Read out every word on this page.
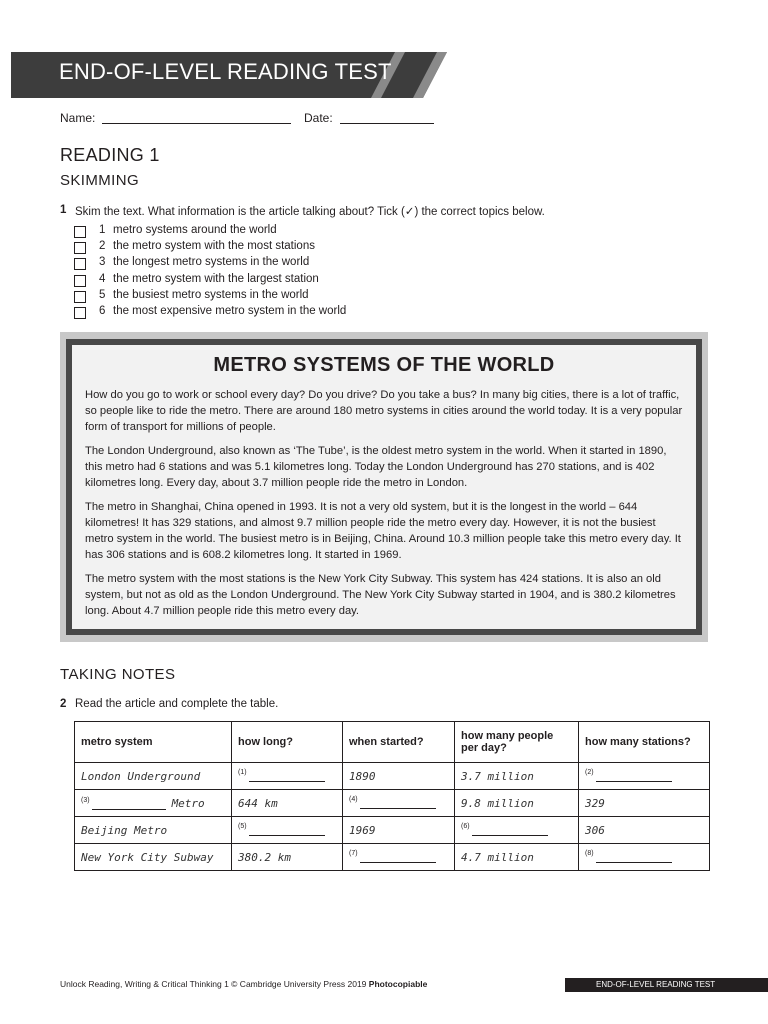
END-OF-LEVEL READING TEST
Name:	Date:
READING 1
SKIMMING
1 Skim the text. What information is the article talking about? Tick (✓) the correct topics below.
1 metro systems around the world
2 the metro system with the most stations
3 the longest metro systems in the world
4 the metro system with the largest station
5 the busiest metro systems in the world
6 the most expensive metro system in the world
METRO SYSTEMS OF THE WORLD
How do you go to work or school every day? Do you drive? Do you take a bus? In many big cities, there is a lot of traffic, so people like to ride the metro. There are around 180 metro systems in cities around the world today. It is a very popular form of transport for millions of people.
The London Underground, also known as ‘The Tube’, is the oldest metro system in the world. When it started in 1890, this metro had 6 stations and was 5.1 kilometres long. Today the London Underground has 270 stations, and is 402 kilometres long. Every day, about 3.7 million people ride the metro in London.
The metro in Shanghai, China opened in 1993. It is not a very old system, but it is the longest in the world – 644 kilometres! It has 329 stations, and almost 9.7 million people ride the metro every day. However, it is not the busiest metro system in the world. The busiest metro is in Beijing, China. Around 10.3 million people take this metro every day. It has 306 stations and is 608.2 kilometres long. It started in 1969.
The metro system with the most stations is the New York City Subway. This system has 424 stations. It is also an old system, but not as old as the London Underground. The New York City Subway started in 1904, and is 380.2 kilometres long. About 4.7 million people ride this metro every day.
TAKING NOTES
2 Read the article and complete the table.
metro system	how long?	when started?	how many people per day?	how many stations?
London Underground	(1)	1890	3.7 million	(2)

(3) Metro	644 km	(4)	9.8 million	329
Beijing Metro	(5)	1969	(6)	306
New York City Subway	380.2 km	(7)	4.7 million	(8)
Unlock Reading, Writing & Critical Thinking 1 © Cambridge University Press 2019 Photocopiable	END-OF-LEVEL READING TEST
